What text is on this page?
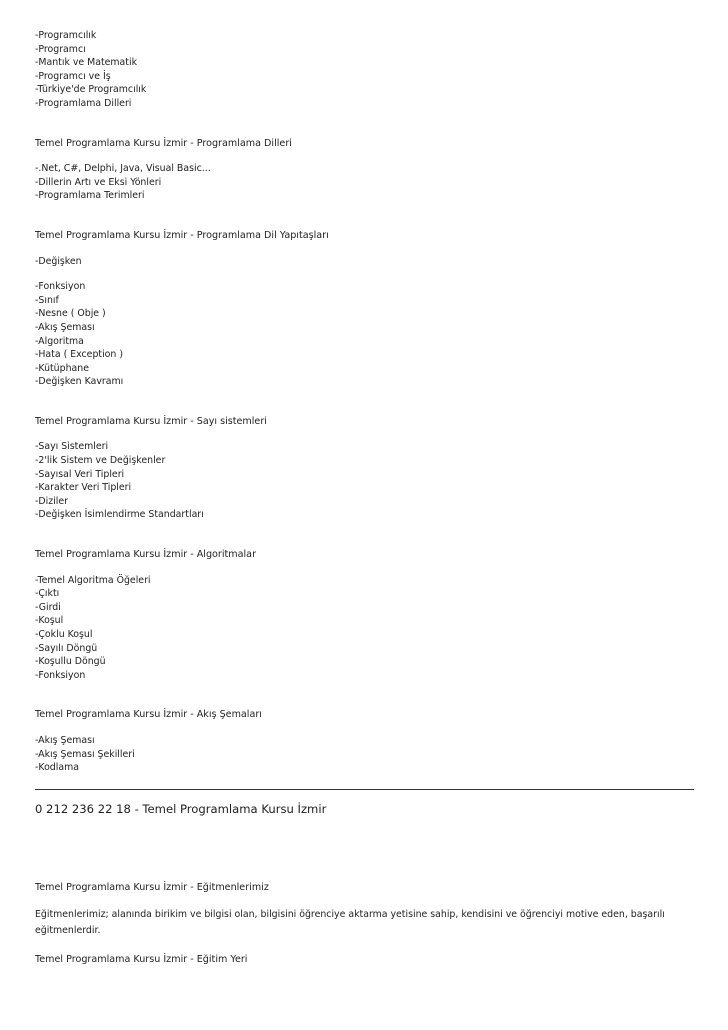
-Programcılık
-Programcı
-Mantık ve Matematik
-Programcı ve İş
-Türkiye'de Programcılık
-Programlama Dilleri

Temel Programlama Kursu İzmir - Programlama Dilleri

-.Net, C#, Delphi, Java, Visual Basic...
-Dillerin Artı ve Eksi Yönleri
-Programlama Terimleri

Temel Programlama Kursu İzmir - Programlama Dil Yapıtaşları

-Değişken
-Fonksiyon
-Sınıf
-Nesne ( Obje )
-Akış Şeması
-Algoritma
-Hata ( Exception )
-Kütüphane
-Değişken Kavramı

Temel Programlama Kursu İzmir - Sayı sistemleri

-Sayı Sistemleri
-2'lik Sistem ve Değişkenler
-Sayısal Veri Tipleri
-Karakter Veri Tipleri
-Diziler
-Değişken İsimlendirme Standartları

Temel Programlama Kursu İzmir - Algoritmalar

-Temel Algoritma Öğeleri
-Çıktı
-Girdi
-Koşul
-Çoklu Koşul
-Sayılı Döngü
-Koşullu Döngü
-Fonksiyon

Temel Programlama Kursu İzmir - Akış Şemaları

-Akış Şeması
-Akış Şeması Şekilleri
-Kodlama

0 212 236 22 18 - Temel Programlama Kursu İzmir

Temel Programlama Kursu İzmir - Eğitmenlerimiz

Eğitmenlerimiz; alanında birikim ve bilgisi olan, bilgisini öğrenciye aktarma yetisine sahip, kendisini ve öğrenciyi motive eden, başarılı eğitmenlerdir.

Temel Programlama Kursu İzmir - Eğitim Yeri
